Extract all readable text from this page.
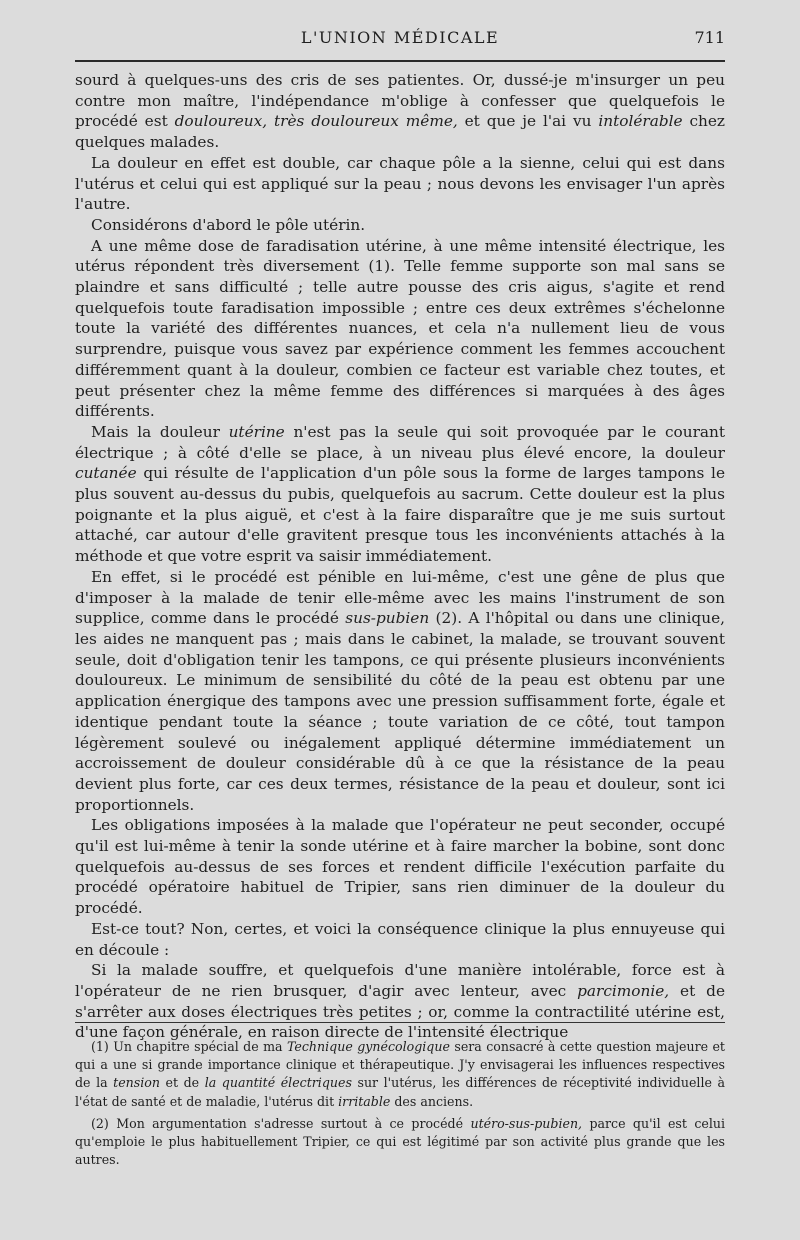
L'UNION MÉDICALE	711

sourd à quelques-uns des cris de ses patientes. Or, dussé-je m'insurger un peu contre mon maître, l'indépendance m'oblige à confesser que quelquefois le procédé est douloureux, très douloureux même, et que je l'ai vu intolérable chez quelques malades.

La douleur en effet est double, car chaque pôle a la sienne, celui qui est dans l'utérus et celui qui est appliqué sur la peau ; nous devons les envisager l'un après l'autre.

Considérons d'abord le pôle utérin.

A une même dose de faradisation utérine, à une même intensité électrique, les utérus répondent très diversement (1). Telle femme supporte son mal sans se plaindre et sans difficulté ; telle autre pousse des cris aigus, s'agite et rend quelquefois toute faradisation impossible ; entre ces deux extrêmes s'échelonne toute la variété des différentes nuances, et cela n'a nullement lieu de vous surprendre, puisque vous savez par expérience comment les femmes accouchent différemment quant à la douleur, combien ce facteur est variable chez toutes, et peut présenter chez la même femme des différences si marquées à des âges différents.

Mais la douleur utérine n'est pas la seule qui soit provoquée par le courant électrique ; à côté d'elle se place, à un niveau plus élevé encore, la douleur cutanée qui résulte de l'application d'un pôle sous la forme de larges tampons le plus souvent au-dessus du pubis, quelquefois au sacrum. Cette douleur est la plus poignante et la plus aiguë, et c'est à la faire disparaître que je me suis surtout attaché, car autour d'elle gravitent presque tous les inconvénients attachés à la méthode et que votre esprit va saisir immédiatement.

En effet, si le procédé est pénible en lui-même, c'est une gêne de plus que d'imposer à la malade de tenir elle-même avec les mains l'instrument de son supplice, comme dans le procédé sus-pubien (2). A l'hôpital ou dans une clinique, les aides ne manquent pas ; mais dans le cabinet, la malade, se trouvant souvent seule, doit d'obligation tenir les tampons, ce qui présente plusieurs inconvénients douloureux. Le minimum de sensibilité du côté de la peau est obtenu par une application énergique des tampons avec une pression suffisamment forte, égale et identique pendant toute la séance ; toute variation de ce côté, tout tampon légèrement soulevé ou inégalement appliqué détermine immédiatement un accroissement de douleur considérable dû à ce que la résistance de la peau devient plus forte, car ces deux termes, résistance de la peau et douleur, sont ici proportionnels.

Les obligations imposées à la malade que l'opérateur ne peut seconder, occupé qu'il est lui-même à tenir la sonde utérine et à faire marcher la bobine, sont donc quelquefois au-dessus de ses forces et rendent difficile l'exécution parfaite du procédé opératoire habituel de Tripier, sans rien diminuer de la douleur du procédé.

Est-ce tout? Non, certes, et voici la conséquence clinique la plus ennuyeuse qui en découle :

Si la malade souffre, et quelquefois d'une manière intolérable, force est à l'opérateur de ne rien brusquer, d'agir avec lenteur, avec parcimonie, et de s'arrêter aux doses électriques très petites ; or, comme la contractilité utérine est, d'une façon générale, en raison directe de l'intensité électrique

(1) Un chapitre spécial de ma Technique gynécologique sera consacré à cette question majeure et qui a une si grande importance clinique et thérapeutique. J'y envisagerai les influences respectives de la tension et de la quantité électriques sur l'utérus, les différences de réceptivité individuelle à l'état de santé et de maladie, l'utérus dit irritable des anciens.

(2) Mon argumentation s'adresse surtout à ce procédé utéro-sus-pubien, parce qu'il est celui qu'emploie le plus habituellement Tripier, ce qui est légitimé par son activité plus grande que les autres.
